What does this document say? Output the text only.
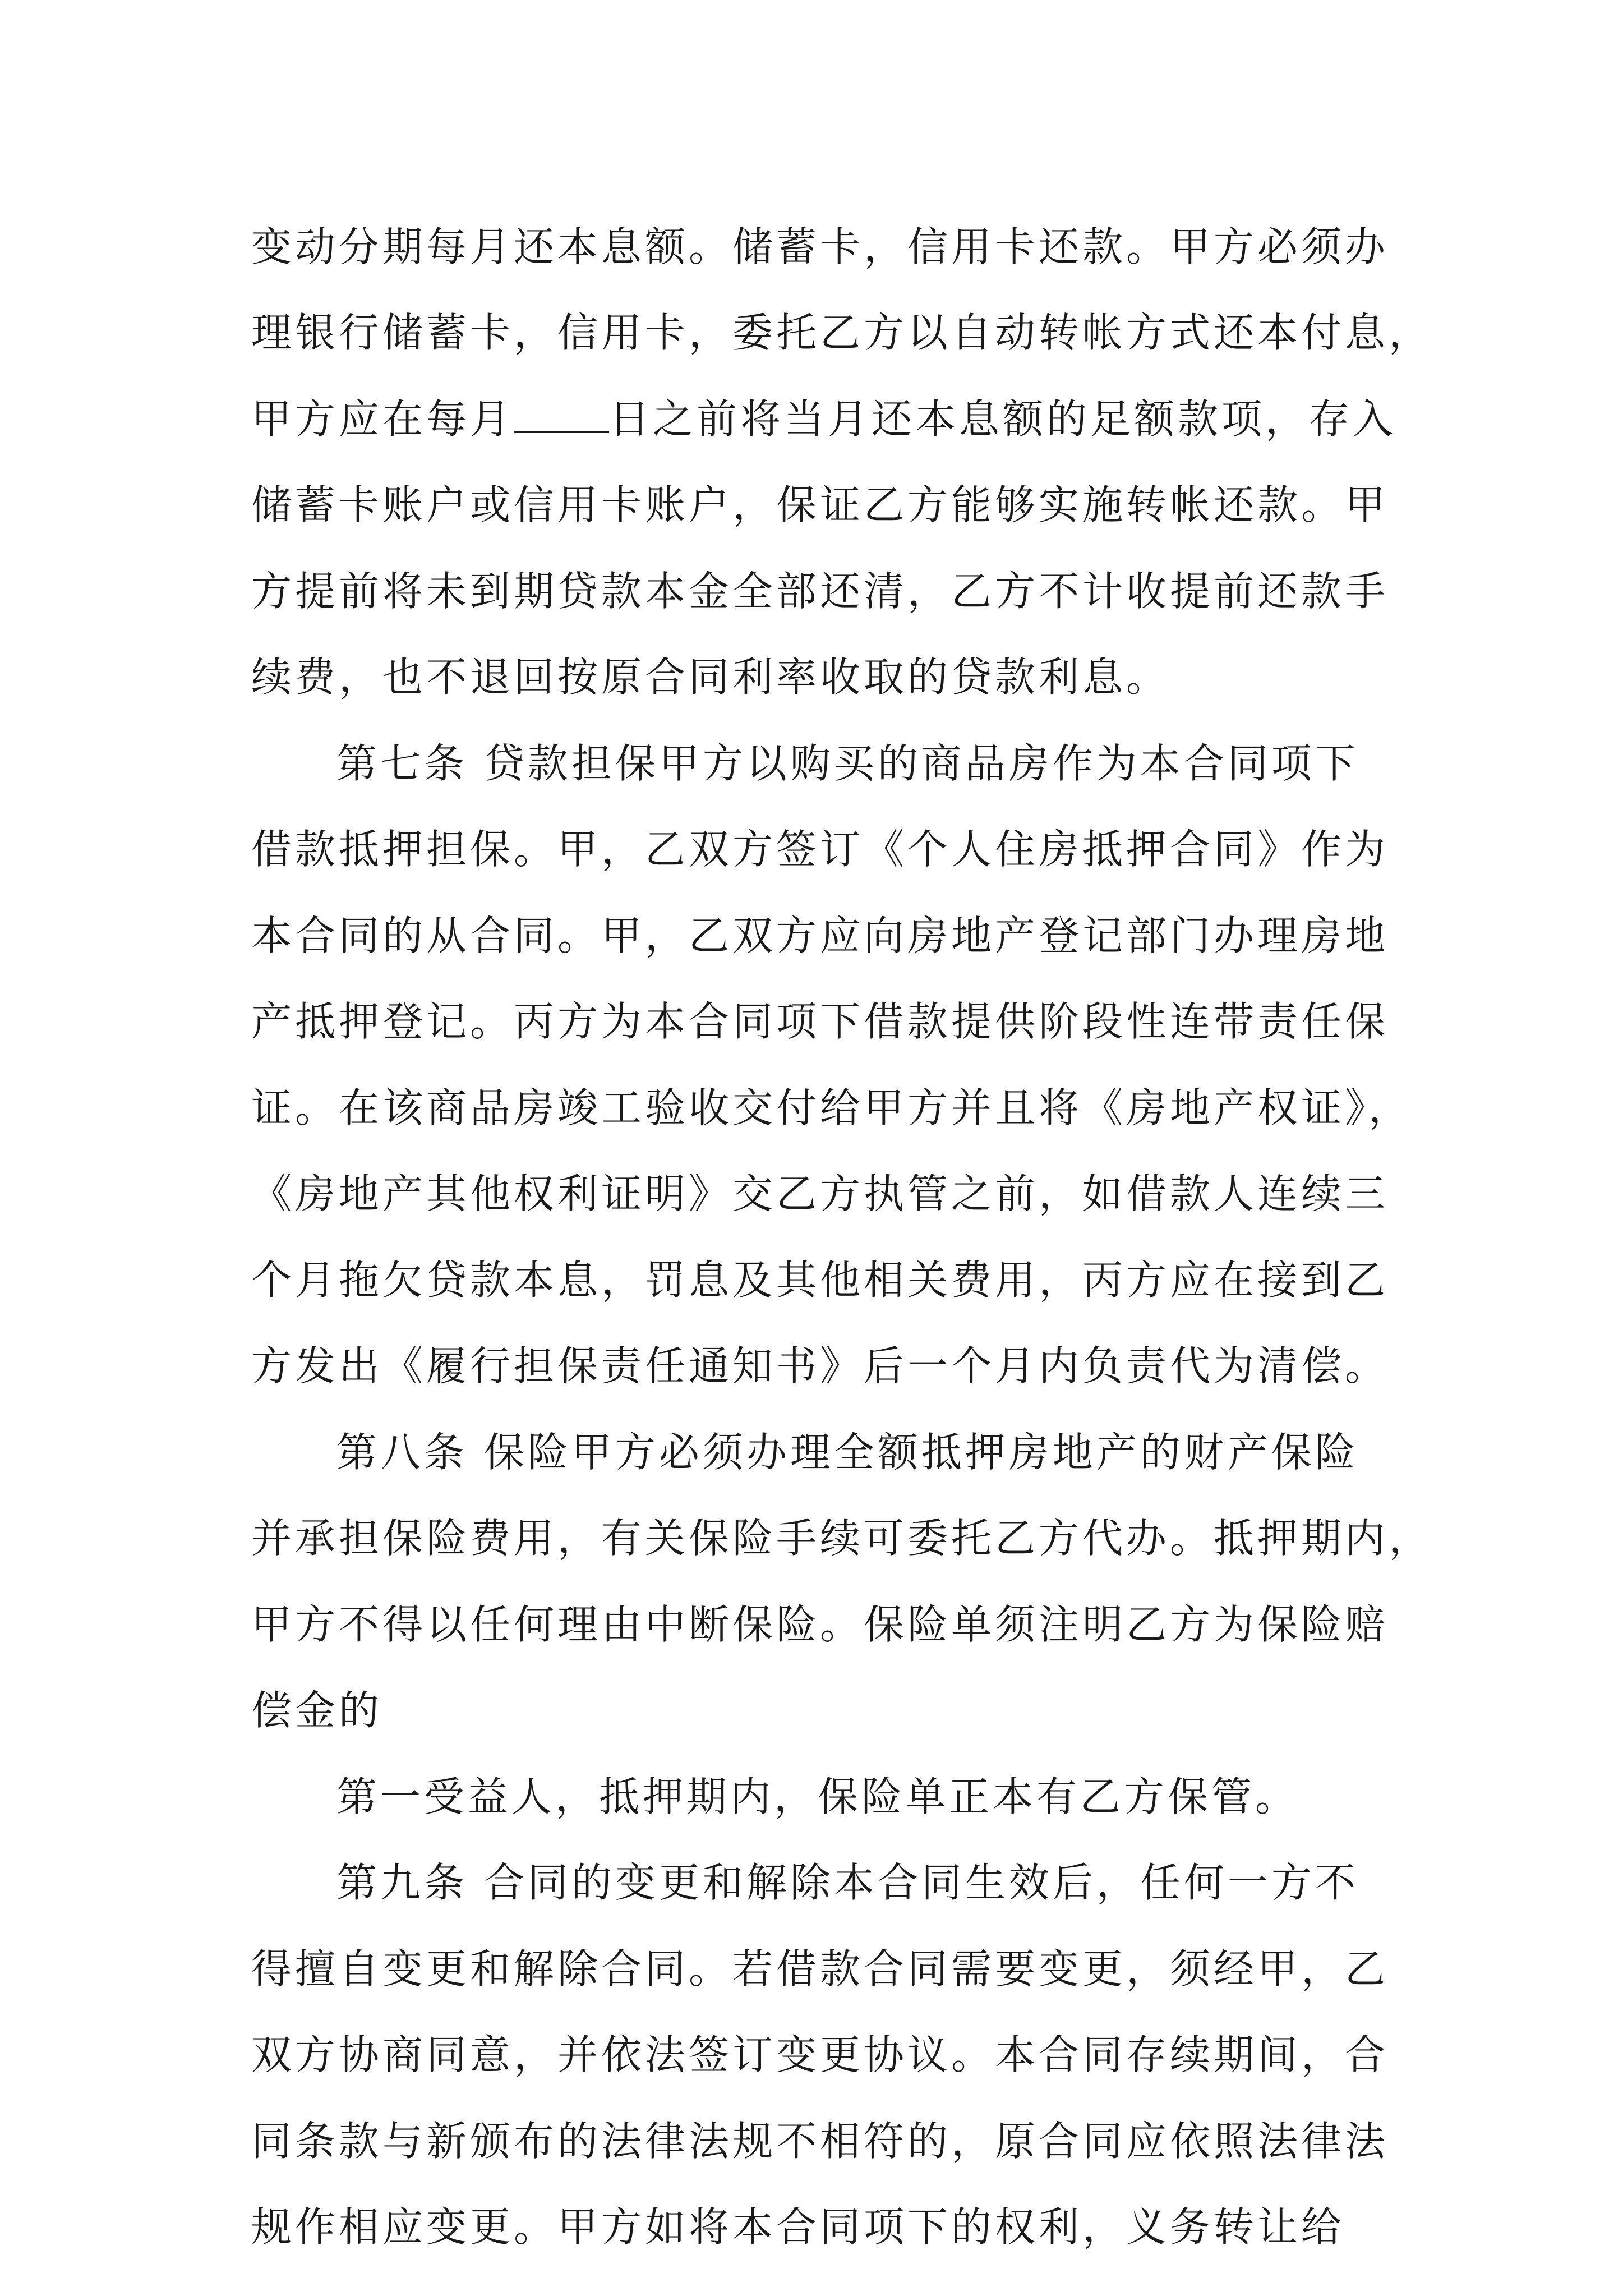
变动分期每月还本息额。储蓄卡，信用卡还款。甲方必须办
理银行储蓄卡，信用卡，委托乙方以自动转帐方式还本付息，
甲方应在每月 日之前将当月还本息额的足额款项，存入
储蓄卡账户或信用卡账户，保证乙方能够实施转帐还款。甲
方提前将未到期贷款本金全部还清，乙方不计收提前还款手
续费，也不退回按原合同利率收取的贷款利息。
第七条 贷款担保甲方以购买的商品房作为本合同项下
借款抵押担保。甲，乙双方签订《个人住房抵押合同》作为
本合同的从合同。甲，乙双方应向房地产登记部门办理房地
产抵押登记。丙方为本合同项下借款提供阶段性连带责任保
证。在该商品房竣工验收交付给甲方并且将《房地产权证》，
《房地产其他权利证明》交乙方执管之前，如借款人连续三
个月拖欠贷款本息，罚息及其他相关费用，丙方应在接到乙
方发出《履行担保责任通知书》后一个月内负责代为清偿。
第八条 保险甲方必须办理全额抵押房地产的财产保险
并承担保险费用，有关保险手续可委托乙方代办。抵押期内，
甲方不得以任何理由中断保险。保险单须注明乙方为保险赔
偿金的
第一受益人，抵押期内，保险单正本有乙方保管。
第九条 合同的变更和解除本合同生效后，任何一方不
得擅自变更和解除合同。若借款合同需要变更，须经甲，乙
双方协商同意，并依法签订变更协议。本合同存续期间，合
同条款与新颁布的法律法规不相符的，原合同应依照法律法
规作相应变更。甲方如将本合同项下的权利，义务转让给
